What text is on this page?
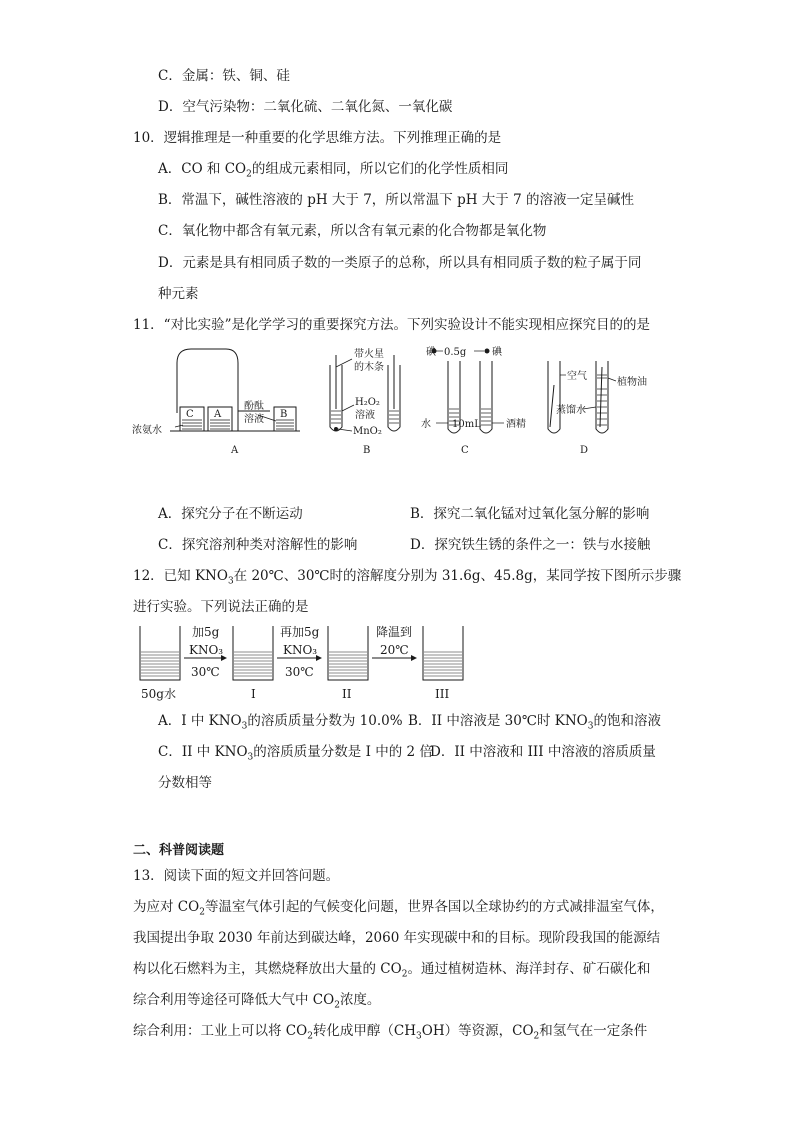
C．金属：铁、铜、硅
D．空气污染物：二氧化硫、二氧化氮、一氧化碳
10．逻辑推理是一种重要的化学思维方法。下列推理正确的是
A．CO 和 $CO_2$的组成元素相同，所以它们的化学性质相同
B．常温下，碱性溶液的 pH 大于 7，所以常温下 pH 大于 7 的溶液一定呈碱性
C．氧化物中都含有氧元素，所以含有氧元素的化合物都是氧化物
D．元素是具有相同质子数的一类原子的总称，所以具有相同质子数的粒子属于同
种元素
11．“对比实验”是化学学习的重要探究方法。下列实验设计不能实现相应探究目的的是
C A	B
浓氨水
酚酞
溶液
A
带火星
的木条
H₂O₂
溶液
MnO₂
B
碘 0.5g	碘
水 10mL	酒精
C
空气
植物油
蒸馏水
D
A．探究分子在不断运动	B．探究二氧化锰对过氧化氢分解的影响
C．探究溶剂种类对溶解性的影响	D．探究铁生锈的条件之一：铁与水接触
12．已知 $KNO_3$在 20℃、30℃时的溶解度分别为 31.6g、45.8g，某同学按下图所示步骤
进行实验。下列说法正确的是
50g水
加5g
KNO₃
30℃
I
再加5g
KNO₃
30℃
II
降温到
20℃
III
A．I 中 $KNO_3$的溶质质量分数为 10.0% B．II 中溶液是 30℃时 $KNO_3$的饱和溶液
C．II 中 $KNO_3$的溶质质量分数是 I 中的 2 倍
D．II 中溶液和 III 中溶液的溶质质量
分数相等
二、科普阅读题
13．阅读下面的短文并回答问题。
为应对 $CO_2$等温室气体引起的气候变化问题，世界各国以全球协约的方式减排温室气体，
我国提出争取 2030 年前达到碳达峰，2060 年实现碳中和的目标。现阶段我国的能源结
构以化石燃料为主，其燃烧释放出大量的 $CO_2$。通过植树造林、海洋封存、矿石碳化和
综合利用等途径可降低大气中 $CO_2$浓度。
综合利用：工业上可以将 $CO_2$转化成甲醇$(CH_3OH)$等资源，$CO_2$和氢气在一定条件
